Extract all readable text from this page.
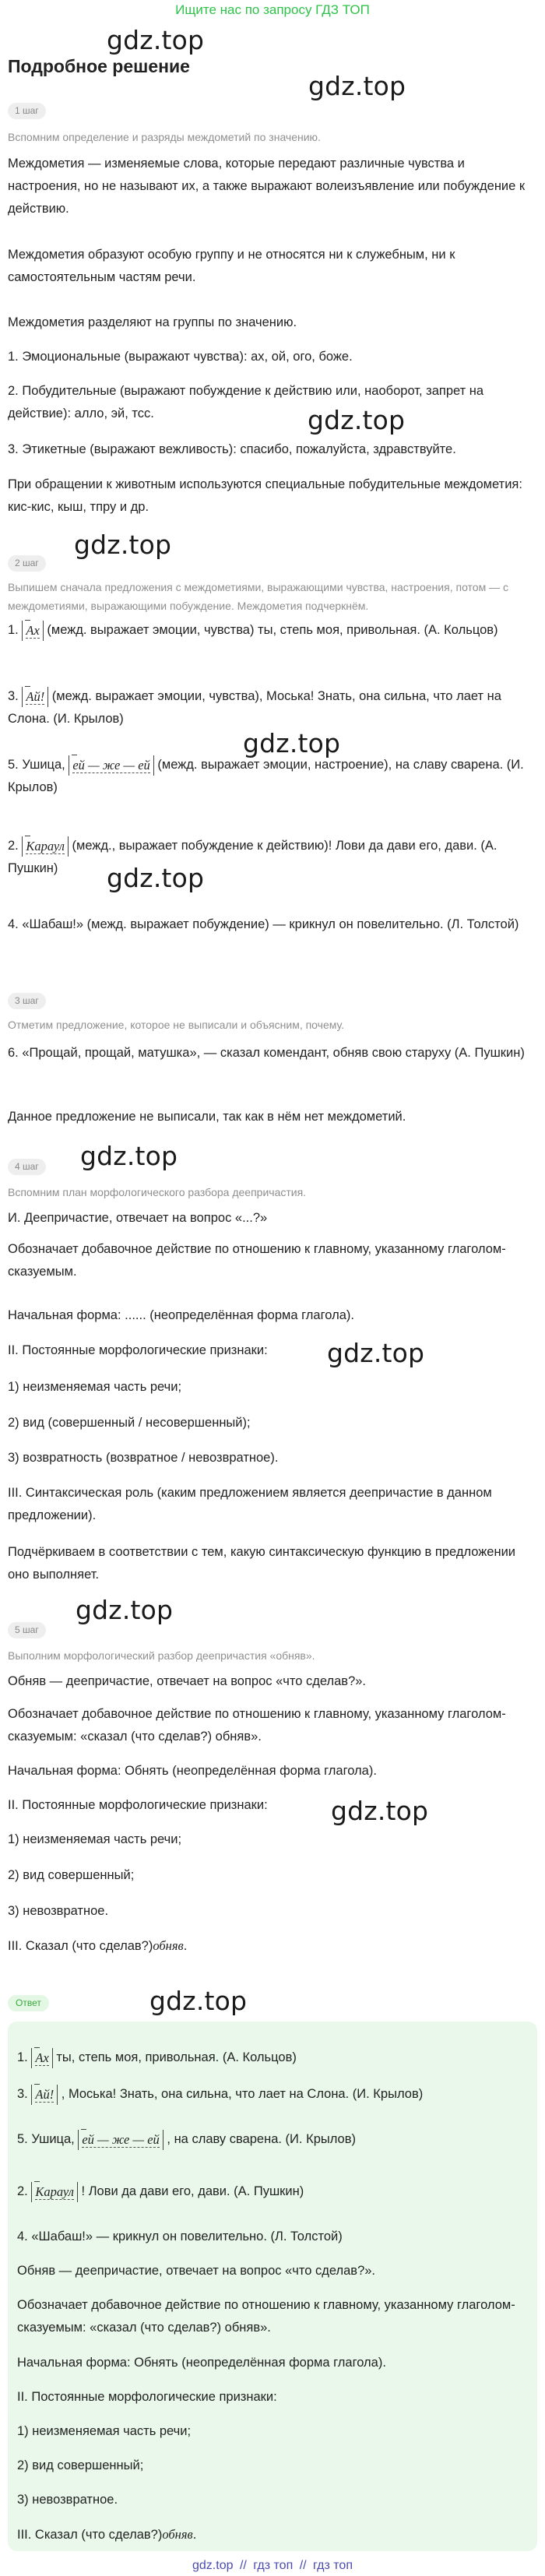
Ищите нас по запросу ГДЗ ТОП
gdz.top
gdz.top
gdz.top
gdz.top
gdz.top
gdz.top
gdz.top
gdz.top
gdz.top
gdz.top
gdz.top
Подробное решение
1 шаг
Вспомним определение и разряды междометий по значению.
Междометия — изменяемые слова, которые передают различные чувства и настроения, но не называют их, а также выражают волеизъявление или побуждение к действию.
Междометия образуют особую группу и не относятся ни к служебным, ни к самостоятельным частям речи.
Междометия разделяют на группы по значению.
1. Эмоциональные (выражают чувства): ах, ой, ого, боже.
2. Побудительные (выражают побуждение к действию или, наоборот, запрет на действие): алло, эй, тсс.
3. Этикетные (выражают вежливость): спасибо, пожалуйста, здравствуйте.
При обращении к животным используются специальные побудительные междометия: кис-кис, кыш, тпру и др.
2 шаг
Выпишем сначала предложения с междометиями, выражающими чувства, настроения, потом — с междометиями, выражающими побуждение. Междометия подчеркнём.
1. Ах (межд. выражает эмоции, чувства) ты, степь моя, привольная. (А. Кольцов)
3. Ай! (межд. выражает эмоции, чувства), Моська! Знать, она сильна, что лает на Слона. (И. Крылов)
5. Ушица, ей — же — ей (межд. выражает эмоции, настроение), на славу сварена. (И. Крылов)
2. Караул (межд., выражает побуждение к действию)! Лови да дави его, дави. (А. Пушкин)
4. «Шабаш!» (межд. выражает побуждение) — крикнул он повелительно. (Л. Толстой)
3 шаг
Отметим предложение, которое не выписали и объясним, почему.
6. «Прощай, прощай, матушка», — сказал комендант, обняв свою старуху (А. Пушкин)
Данное предложение не выписали, так как в нём нет междометий.
4 шаг
Вспомним план морфологического разбора деепричастия.
И. Деепричастие, отвечает на вопрос «...?»
Обозначает добавочное действие по отношению к главному, указанному глаголом-сказуемым.
Начальная форма: ...... (неопределённая форма глагола).
II. Постоянные морфологические признаки:
1) неизменяемая часть речи;
2) вид (совершенный / несовершенный);
3) возвратность (возвратное / невозвратное).
III. Синтаксическая роль (каким предложением является деепричастие в данном предложении).
Подчёркиваем в соответствии с тем, какую синтаксическую функцию в предложении оно выполняет.
5 шаг
Выполним морфологический разбор деепричастия «обняв».
Обняв — деепричастие, отвечает на вопрос «что сделав?».
Обозначает добавочное действие по отношению к главному, указанному глаголом-сказуемым: «сказал (что сделав?) обняв».
Начальная форма: Обнять (неопределённая форма глагола).
II. Постоянные морфологические признаки:
1) неизменяемая часть речи;
2) вид совершенный;
3) невозвратное.
III. Сказал (что сделав?)обняв.
Ответ
1. Ах ты, степь моя, привольная. (А. Кольцов)
3. Ай! , Моська! Знать, она сильна, что лает на Слона. (И. Крылов)
5. Ушица, ей — же — ей , на славу сварена. (И. Крылов)
2. Караул ! Лови да дави его, дави. (А. Пушкин)
4. «Шабаш!» — крикнул он повелительно. (Л. Толстой)
Обняв — деепричастие, отвечает на вопрос «что сделав?».
Обозначает добавочное действие по отношению к главному, указанному глаголом-сказуемым: «сказал (что сделав?) обняв».
Начальная форма: Обнять (неопределённая форма глагола).
II. Постоянные морфологические признаки:
1) неизменяемая часть речи;
2) вид совершенный;
3) невозвратное.
III. Сказал (что сделав?)обняв.
gdz.top // гдз топ // гдз топ
